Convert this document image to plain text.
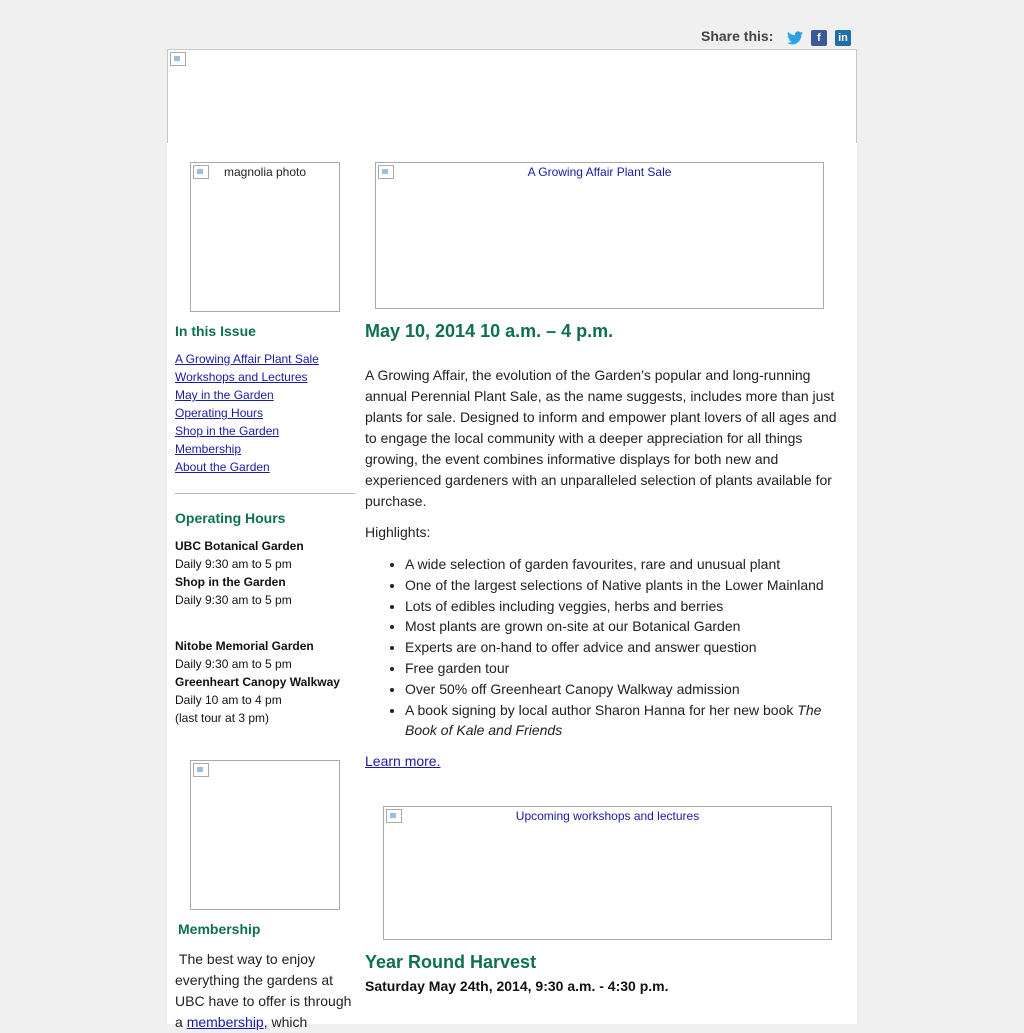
Share this:	f	in
magnolia photo
In this Issue
A Growing Affair Plant Sale
Workshops and Lectures
May in the Garden
Operating Hours
Shop in the Garden
Membership
About the Garden
Operating Hours
UBC Botanical Garden
Daily 9:30 am to 5 pm
Shop in the Garden
Daily 9:30 am to 5 pm
Nitobe Memorial Garden
Daily 9:30 am to 5 pm
Greenheart Canopy Walkway
Daily 10 am to 4 pm
(last tour at 3 pm)
Membership

The best way to enjoy everything the gardens at UBC have to offer is through a membership, which

A Growing Affair Plant Sale
May 10, 2014 10 a.m. – 4 p.m.

A Growing Affair, the evolution of the Garden’s popular and long-running annual Perennial Plant Sale, as the name suggests, includes more than just plants for sale. Designed to inform and empower plant lovers of all ages and to engage the local community with a deeper appreciation for all things growing, the event combines informative displays for both new and experienced gardeners with an unparalleled selection of plants available for purchase.

Highlights:

• A wide selection of garden favourites, rare and unusual plant
• One of the largest selections of Native plants in the Lower Mainland
• Lots of edibles including veggies, herbs and berries
• Most plants are grown on-site at our Botanical Garden
• Experts are on-hand to offer advice and answer question
• Free garden tour
• Over 50% off Greenheart Canopy Walkway admission
• A book signing by local author Sharon Hanna for her new book The Book of Kale and Friends

Learn more.

Upcoming workshops and lectures
Year Round Harvest

Saturday May 24th, 2014, 9:30 a.m. - 4:30 p.m.
